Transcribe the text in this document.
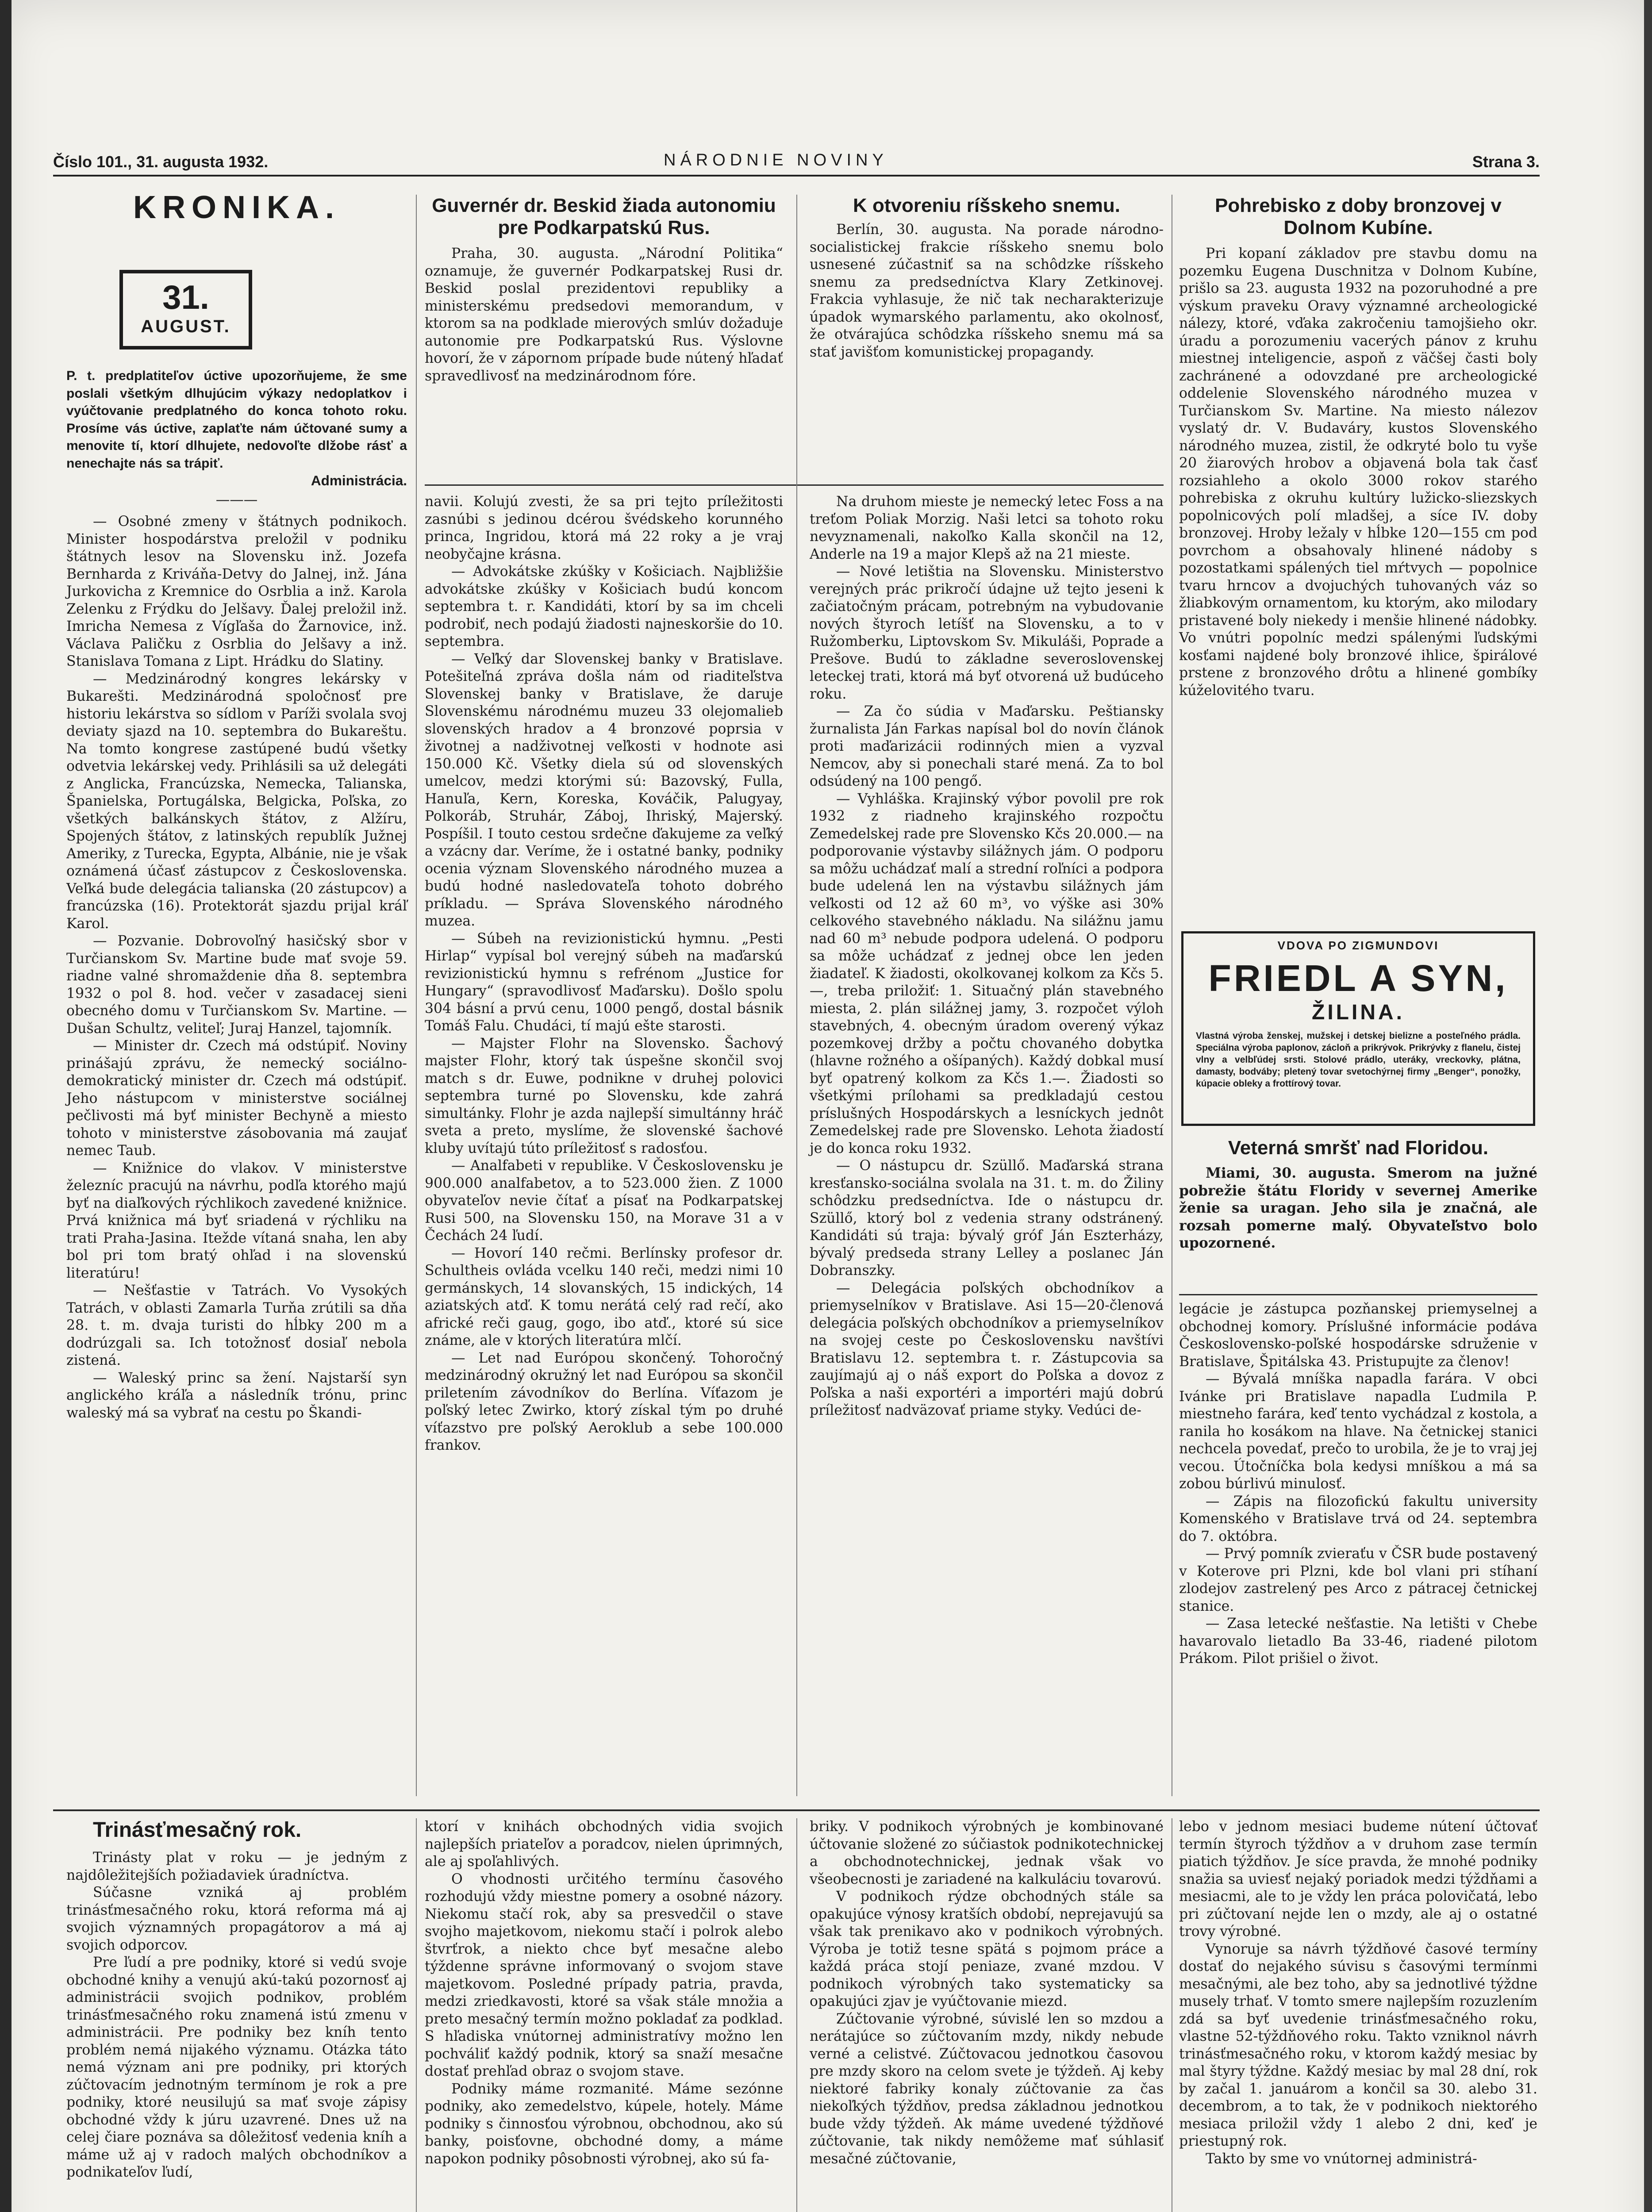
Číslo 101., 31. augusta 1932.	NÁRODNIE NOVINY	Strana 3.
KRONIKA.
31.
AUGUST.

P. t. predplatiteľov úctive upozorňujeme, že sme poslali všetkým dlhujúcim výkazy nedoplatkov i vyúčtovanie predplatného do konca tohoto roku. Prosíme vás úctive, zaplaťte nám účtované sumy a menovite tí, ktorí dlhujete, nedovoľte dlžobe rásť a nenechajte nás sa trápiť.

Administrácia.
———

— Osobné zmeny v štátnych podnikoch. Minister hospodárstva preložil v podniku štátnych lesov na Slovensku inž. Jozefa Bernharda z Kriváňa-Detvy do Jalnej, inž. Jána Jurkovicha z Kremnice do Osrblia a inž. Karola Zelenku z Frýdku do Jelšavy. Ďalej preložil inž. Imricha Nemesa z Vígľaša do Žarnovice, inž. Václava Paličku z Osrblia do Jelšavy a inž. Stanislava Tomana z Lipt. Hrádku do Slatiny.

— Medzinárodný kongres lekársky v Bukarešti. Medzinárodná spoločnosť pre historiu lekárstva so sídlom v Paríži svolala svoj deviaty sjazd na 10. septembra do Bukareštu. Na tomto kongrese zastúpené budú všetky odvetvia lekárskej vedy. Prihlásili sa už delegáti z Anglicka, Francúzska, Nemecka, Talianska, Španielska, Portugálska, Belgicka, Poľska, zo všetkých balkánskych štátov, z Alžíru, Spojených štátov, z latinských republík Južnej Ameriky, z Turecka, Egypta, Albánie, nie je však oznámená účasť zástupcov z Československa. Veľká bude delegácia talianska (20 zástupcov) a francúzska (16). Protektorát sjazdu prijal kráľ Karol.

— Pozvanie. Dobrovoľný hasičský sbor v Turčianskom Sv. Martine bude mať svoje 59. riadne valné shromaždenie dňa 8. septembra 1932 o pol 8. hod. večer v zasadacej sieni obecného domu v Turčianskom Sv. Martine. — Dušan Schultz, veliteľ; Juraj Hanzel, tajomník.

— Minister dr. Czech má odstúpiť. Noviny prinášajú zprávu, že nemecký sociálno-demokratický minister dr. Czech má odstúpiť. Jeho nástupcom v ministerstve sociálnej pečlivosti má byť minister Bechyně a miesto tohoto v ministerstve zásobovania má zaujať nemec Taub.

— Knižnice do vlakov. V ministerstve železníc pracujú na návrhu, podľa ktorého majú byť na diaľkových rýchlikoch zavedené knižnice. Prvá knižnica má byť sriadená v rýchliku na trati Praha-Jasina. Itežde vítaná snaha, len aby bol pri tom bratý ohľad i na slovenskú literatúru!

— Nešťastie v Tatrách. Vo Vysokých Tatrách, v oblasti Zamarla Turňa zrútili sa dňa 28. t. m. dvaja turisti do hĺbky 200 m a dodrúzgali sa. Ich totožnosť dosiaľ nebola zistená.

— Waleský princ sa žení. Najstarší syn anglického kráľa a následník trónu, princ waleský má sa vybrať na cestu po Škandi-

Guvernér dr. Beskid žiada autonomiu pre Podkarpatskú Rus.

Praha, 30. augusta. „Národní Politika“ oznamuje, že guvernér Podkarpatskej Rusi dr. Beskid poslal prezidentovi republiky a ministerskému predsedovi memorandum, v ktorom sa na podklade mierových smlúv dožaduje autonomie pre Podkarpatskú Rus. Výslovne hovorí, že v zápornom prípade bude nútený hľadať spravedlivosť na medzinárodnom fóre.

K otvoreniu ríšskeho snemu.

Berlín, 30. augusta. Na porade národno-socialistickej frakcie ríšskeho snemu bolo usnesené zúčastniť sa na schôdzke ríšskeho snemu za predsedníctva Klary Zetkinovej. Frakcia vyhlasuje, že nič tak necharakterizuje úpadok wymarského parlamentu, ako okolnosť, že otvárajúca schôdzka ríšskeho snemu má sa stať javišťom komunistickej propagandy.

navii. Kolujú zvesti, že sa pri tejto príležitosti zasnúbi s jedinou dcérou švédskeho korunného princa, Ingridou, ktorá má 22 roky a je vraj neobyčajne krásna.

— Advokátske zkúšky v Košiciach. Najbližšie advokátske zkúšky v Košiciach budú koncom septembra t. r. Kandidáti, ktorí by sa im chceli podrobiť, nech podajú žiadosti najneskoršie do 10. septembra.

— Veľký dar Slovenskej banky v Bratislave. Potešiteľná zpráva došla nám od riaditeľstva Slovenskej banky v Bratislave, že daruje Slovenskému národnému muzeu 33 olejomalieb slovenských hradov a 4 bronzové poprsia v životnej a nadživotnej veľkosti v hodnote asi 150.000 Kč. Všetky diela sú od slovenských umelcov, medzi ktorými sú: Bazovský, Fulla, Hanuľa, Kern, Koreska, Kováčik, Palugyay, Polkoráb, Struhár, Záboj, Ihriský, Majerský. Pospíšil. I touto cestou srdečne ďakujeme za veľký a vzácny dar. Veríme, že i ostatné banky, podniky ocenia význam Slovenského národného muzea a budú hodné nasledovateľa tohoto dobrého príkladu. — Správa Slovenského národného muzea.

— Súbeh na revizionistickú hymnu. „Pesti Hirlap“ vypísal bol verejný súbeh na maďarskú revizionistickú hymnu s refrénom „Justice for Hungary“ (spravodlivosť Maďarsku). Došlo spolu 304 básní a prvú cenu, 1000 pengő, dostal básnik Tomáš Falu. Chudáci, tí majú ešte starosti.

— Majster Flohr na Slovensko. Šachový majster Flohr, ktorý tak úspešne skončil svoj match s dr. Euwe, podnikne v druhej polovici septembra turné po Slovensku, kde zahrá simultánky. Flohr je azda najlepší simultánny hráč sveta a preto, myslíme, že slovenské šachové kluby uvítajú túto príležitosť s radosťou.

— Analfabeti v republike. V Československu je 900.000 analfabetov, a to 523.000 žien. Z 1000 obyvateľov nevie čítať a písať na Podkarpatskej Rusi 500, na Slovensku 150, na Morave 31 a v Čechách 24 ľudí.

— Hovorí 140 rečmi. Berlínsky profesor dr. Schultheis ovláda vcelku 140 reči, medzi nimi 10 germánskych, 14 slovanských, 15 indických, 14 aziatských atď. K tomu nerátá celý rad rečí, ako africké reči gaug, gogo, ibo atď., ktoré sú sice známe, ale v ktorých literatúra mlčí.

— Let nad Európou skončený. Tohoročný medzinárodný okružný let nad Európou sa skončil priletením závodníkov do Berlína. Víťazom je poľský letec Zwirko, ktorý získal tým po druhé víťazstvo pre poľský Aeroklub a sebe 100.000 frankov.

Na druhom mieste je nemecký letec Foss a na treťom Poliak Morzig. Naši letci sa tohoto roku nevyznamenali, nakoľko Kalla skončil na 12, Anderle na 19 a major Klepš až na 21 mieste.

— Nové letištia na Slovensku. Ministerstvo verejných prác prikročí údajne už tejto jeseni k začiatočným prácam, potrebným na vybudovanie nových štyroch letíšť na Slovensku, a to v Ružomberku, Liptovskom Sv. Mikuláši, Poprade a Prešove. Budú to základne severoslovenskej leteckej trati, ktorá má byť otvorená už budúceho roku.

— Za čo súdia v Maďarsku. Peštiansky žurnalista Ján Farkas napísal bol do novín článok proti maďarizácii rodinných mien a vyzval Nemcov, aby si ponechali staré mená. Za to bol odsúdený na 100 pengő.

— Vyhláška. Krajinský výbor povolil pre rok 1932 z riadneho krajinského rozpočtu Zemedelskej rade pre Slovensko Kčs 20.000.— na podporovanie výstavby silážnych jám. O podporu sa môžu uchádzať malí a strední roľníci a podpora bude udelená len na výstavbu silážnych jám veľkosti od 12 až 60 m³, vo výške asi 30% celkového stavebného nákladu. Na silážnu jamu nad 60 m³ nebude podpora udelená. O podporu sa môže uchádzať z jednej obce len jeden žiadateľ. K žiadosti, okolkovanej kolkom za Kčs 5.—, treba priložiť: 1. Situačný plán stavebného miesta, 2. plán silážnej jamy, 3. rozpočet výloh stavebných, 4. obecným úradom overený výkaz pozemkovej držby a počtu chovaného dobytka (hlavne rožného a ošípaných). Každý dobkal musí byť opatrený kolkom za Kčs 1.—. Žiadosti so všetkými prílohami sa predkladajú cestou príslušných Hospodárskych a lesníckych jednôt Zemedelskej rade pre Slovensko. Lehota žiadostí je do konca roku 1932.

— O nástupcu dr. Szüllő. Maďarská strana kresťansko-sociálna svolala na 31. t. m. do Žiliny schôdzku predsedníctva. Ide o nástupcu dr. Szüllő, ktorý bol z vedenia strany odstránený. Kandidáti sú traja: bývalý gróf Ján Eszterházy, bývalý predseda strany Lelley a poslanec Ján Dobranszky.

— Delegácia poľských obchodníkov a priemyselníkov v Bratislave. Asi 15—20-členová delegácia poľských obchodníkov a priemyselníkov na svojej ceste po Československu navštívi Bratislavu 12. septembra t. r. Zástupcovia sa zaujímajú aj o náš export do Poľska a dovoz z Poľska a naši exportéri a importéri majú dobrú príležitosť nadväzovať priame styky. Vedúci de-

Pohrebisko z doby bronzovej v Dolnom Kubíne.

Pri kopaní základov pre stavbu domu na pozemku Eugena Duschnitza v Dolnom Kubíne, prišlo sa 23. augusta 1932 na pozoruhodné a pre výskum praveku Oravy významné archeologické nálezy, ktoré, vďaka zakročeniu tamojšieho okr. úradu a porozumeniu vacerých pánov z kruhu miestnej inteligencie, aspoň z väčšej časti boly zachránené a odovzdané pre archeologické oddelenie Slovenského národného muzea v Turčianskom Sv. Martine. Na miesto nálezov vyslatý dr. V. Budaváry, kustos Slovenského národného muzea, zistil, že odkryté bolo tu vyše 20 žiarových hrobov a objavená bola tak časť rozsiahleho a okolo 3000 rokov starého pohrebiska z okruhu kultúry lužicko-sliezskych popolnicových polí mladšej, a síce IV. doby bronzovej. Hroby ležaly v hĺbke 120—155 cm pod povrchom a obsahovaly hlinené nádoby s pozostatkami spálených tiel mŕtvych — popolnice tvaru hrncov a dvojuchých tuhovaných váz so žliabkovým ornamentom, ku ktorým, ako milodary pristavené boly niekedy i menšie hlinené nádobky. Vo vnútri popolníc medzi spálenými ľudskými kosťami najdené boly bronzové ihlice, špirálové prstene z bronzového drôtu a hlinené gombíky kúželovitého tvaru.

VDOVA PO ZIGMUNDOVI
FRIEDL A SYN,
ŽILINA.
Vlastná výroba ženskej, mužskej i detskej bielizne a posteľného prádla. Speciálna výroba paplonov, zácloň a prikrývok. Prikrývky z flanelu, čistej vlny a velbľúdej srsti. Stolové prádlo, uteráky, vreckovky, plátna, damasty, bodváby; pletený tovar svetochýrnej firmy „Benger“, ponožky, kúpacie obleky a frottírový tovar.
Veterná smršť nad Floridou.

Miami, 30. augusta. Smerom na južné pobrežie štátu Floridy v severnej Amerike ženie sa uragan. Jeho sila je značná, ale rozsah pomerne malý. Obyvateľstvo bolo upozornené.

legácie je zástupca pozňanskej priemyselnej a obchodnej komory. Príslušné informácie podáva Československo-poľské hospodárske sdruženie v Bratislave, Špitálska 43. Pristupujte za členov!

— Bývalá mníška napadla farára. V obci Ivánke pri Bratislave napadla Ľudmila P. miestneho farára, keď tento vychádzal z kostola, a ranila ho kosákom na hlave. Na četnickej stanici nechcela povedať, prečo to urobila, že je to vraj jej vecou. Útočníčka bola kedysi mníškou a má sa zobou búrlivú minulosť.

— Zápis na filozofickú fakultu university Komenského v Bratislave trvá od 24. septembra do 7. októbra.

— Prvý pomník zvieraťu v ČSR bude postavený v Koterove pri Plzni, kde bol vlani pri stíhaní zlodejov zastrelený pes Arco z pátracej četnickej stanice.

— Zasa letecké nešťastie. Na letišti v Chebe havarovalo lietadlo Ba 33-46, riadené pilotom Prákom. Pilot prišiel o život.

Trinásťmesačný rok.

Trinásty plat v roku — je jedným z najdôležitejších požiadaviek úradníctva.

Súčasne vzniká aj problém trinásťmesačného roku, ktorá reforma má aj svojich významných propagátorov a má aj svojich odporcov.

Pre ľudí a pre podniky, ktoré si vedú svoje obchodné knihy a venujú akú-takú pozornosť aj administrácii svojich podnikov, problém trinásťmesačného roku znamená istú zmenu v administrácii. Pre podniky bez kníh tento problém nemá nijakého významu. Otázka táto nemá význam ani pre podniky, pri ktorých zúčtovacím jednotným termínom je rok a pre podniky, ktoré neusilujú sa mať svoje zápisy obchodné vždy k júru uzavrené. Dnes už na celej čiare poznáva sa dôležitosť vedenia kníh a máme už aj v radoch malých obchodníkov a podnikateľov ľudí,

ktorí v knihách obchodných vidia svojich najlepších priateľov a poradcov, nielen úprimných, ale aj spoľahlivých.

O vhodnosti určitého termínu časového rozhodujú vždy miestne pomery a osobné názory. Niekomu stačí rok, aby sa presvedčil o stave svojho majetkovom, niekomu stačí i polrok alebo štvrťrok, a niekto chce byť mesačne alebo týždenne správne informovaný o svojom stave majetkovom. Posledné prípady patria, pravda, medzi zriedkavosti, ktoré sa však stále množia a preto mesačný termín možno pokladať za podklad. S hľadiska vnútornej administratívy možno len pochváliť každý podnik, ktorý sa snaží mesačne dostať prehľad obraz o svojom stave.

Podniky máme rozmanité. Máme sezónne podniky, ako zemedelstvo, kúpele, hotely. Máme podniky s činnosťou výrobnou, obchodnou, ako sú banky, poisťovne, obchodné domy, a máme napokon podniky pôsobnosti výrobnej, ako sú fa-

briky. V podnikoch výrobných je kombinované účtovanie složené zo súčiastok podnikotechnickej a obchodnotechnickej, jednak však vo všeobecnosti je zariadené na kalkuláciu tovarovú.

V podnikoch rýdze obchodných stále sa opakujúce výnosy kratších období, neprejavujú sa však tak prenikavo ako v podnikoch výrobných. Výroba je totiž tesne spätá s pojmom práce a každá práca stojí peniaze, zvané mzdou. V podnikoch výrobných tako systematicky sa opakujúci zjav je vyúčtovanie miezd.

Zúčtovanie výrobné, súvislé len so mzdou a nerátajúce so zúčtovaním mzdy, nikdy nebude verné a celistvé. Zúčtovacou jednotkou časovou pre mzdy skoro na celom svete je týždeň. Aj keby niektoré fabriky konaly zúčtovanie za čas niekoľkých týždňov, predsa základnou jednotkou bude vždy týždeň. Ak máme uvedené týždňové zúčtovanie, tak nikdy nemôžeme mať súhlasiť mesačné zúčtovanie,

lebo v jednom mesiaci budeme nútení účtovať termín štyroch týždňov a v druhom zase termín piatich týždňov. Je síce pravda, že mnohé podniky snažia sa uviesť nejaký poriadok medzi týždňami a mesiacmi, ale to je vždy len práca polovičatá, lebo pri zúčtovaní nejde len o mzdy, ale aj o ostatné trovy výrobné.

Vynoruje sa návrh týždňové časové termíny dostať do nejakého súvisu s časovými termínmi mesačnými, ale bez toho, aby sa jednotlivé týždne musely trhať. V tomto smere najlepším rozuzlením zdá sa byť uvedenie trinásťmesačného roku, vlastne 52-týždňového roku. Takto vzniknol návrh trinásťmesačného roku, v ktorom každý mesiac by mal štyry týždne. Každý mesiac by mal 28 dní, rok by začal 1. januárom a končil sa 30. alebo 31. decembrom, a to tak, že v podnikoch niektorého mesiaca priložil vždy 1 alebo 2 dni, keď je priestupný rok.

Takto by sme vo vnútornej administrá-
